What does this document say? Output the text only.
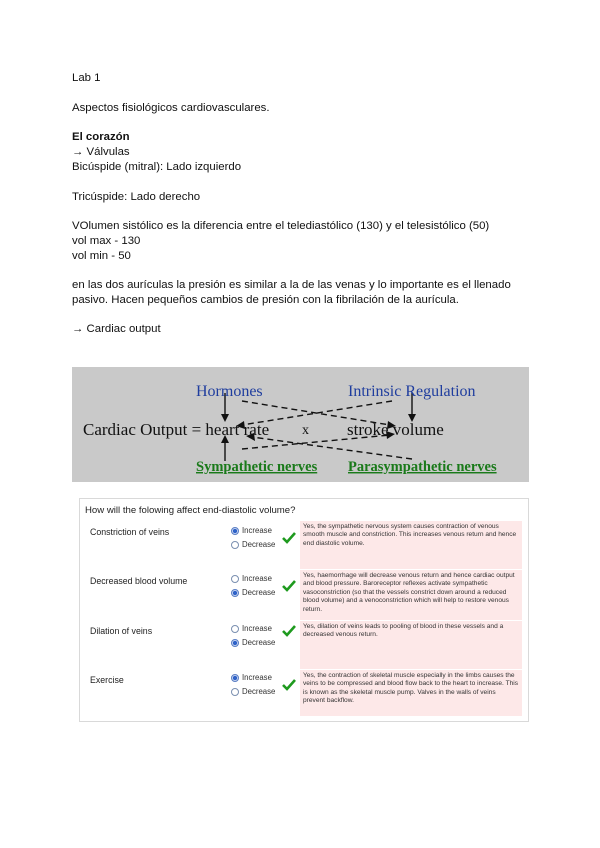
Lab 1
Aspectos fisiológicos cardiovasculares.
El corazón
→ Válvulas
Bicúspide (mitral): Lado izquierdo
Tricúspide: Lado derecho
VOlumen sistólico es la diferencia entre el telediastólico (130) y el telesistólico (50)
vol max - 130
vol min - 50
en las dos aurículas la presión es similar a la de las venas y lo importante es el llenado
pasivo. Hacen pequeños cambios de presión con la fibrilación de la aurícula.
→ Cardiac output
Hormones	Intrinsic Regulation
Cardiac Output = heart rate x stroke volume
Sympathetic nerves Parasympathetic nerves
How will the folowing affect end-diastolic volume?
Constriction of veins	Increase
Decrease
Yes, the sympathetic nervous system causes contraction of venous smooth muscle and constriction. This increases venous return and hence end diastolic volume.
Decreased blood volume	Increase
Decrease
Yes, haemorrhage will decrease venous return and hence cardiac output and blood pressure. Baroreceptor reflexes activate sympathetic vasoconstriction (so that the vessels constrict down around a reduced blood volume) and a venoconstriction which will help to restore venous return.
Dilation of veins	Increase
Decrease
Yes, dilation of veins leads to pooling of blood in these vessels and a decreased venous return.
Exercise	Increase
Decrease
Yes, the contraction of skeletal muscle especially in the limbs causes the veins to be compressed and blood flow back to the heart to increase. This is known as the skeletal muscle pump. Valves in the walls of veins prevent backflow.
